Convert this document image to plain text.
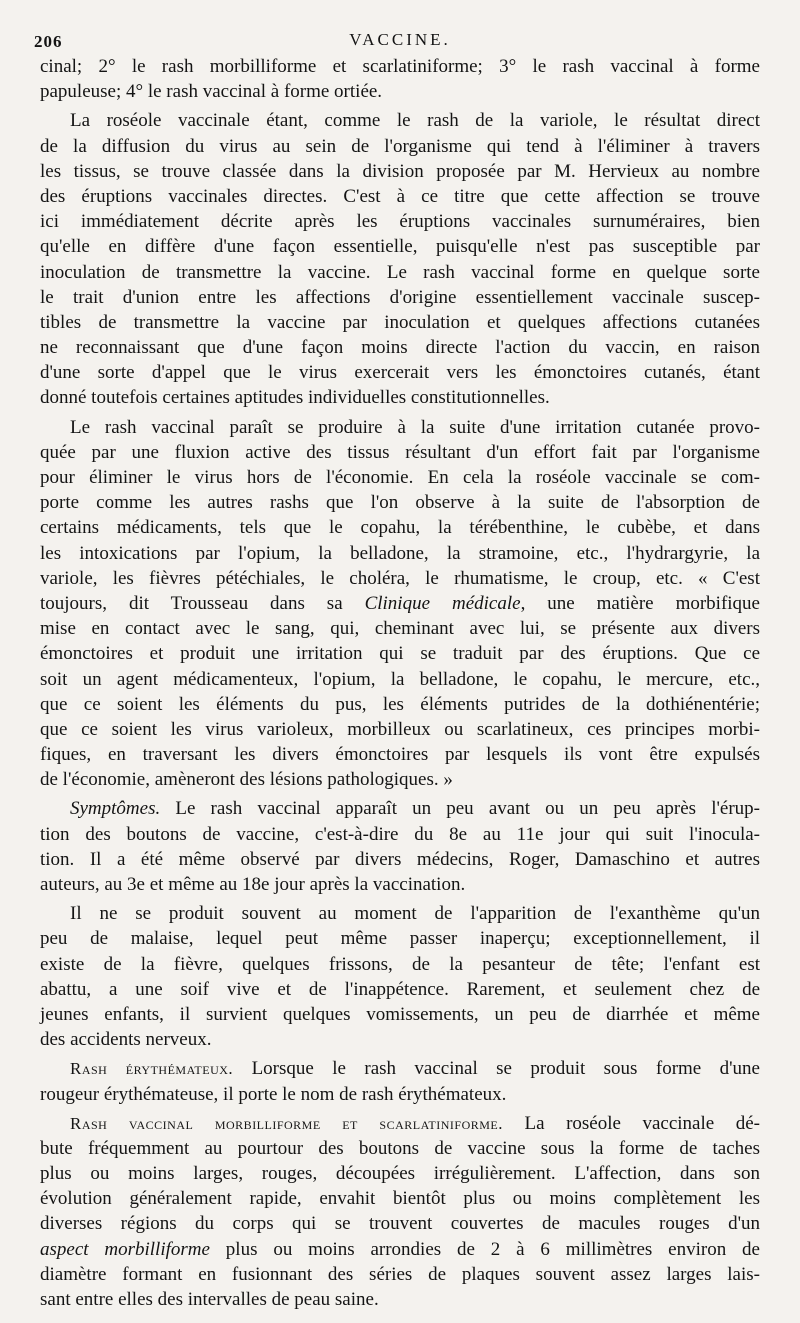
206	VACCINE.
cinal; 2° le rash morbilliforme et scarlatiniforme; 3° le rash vaccinal à forme
papuleuse; 4° le rash vaccinal à forme ortiée.
La roséole vaccinale étant, comme le rash de la variole, le résultat direct
de la diffusion du virus au sein de l'organisme qui tend à l'éliminer à travers
les tissus, se trouve classée dans la division proposée par M. Hervieux au nombre
des éruptions vaccinales directes. C'est à ce titre que cette affection se trouve
ici immédiatement décrite après les éruptions vaccinales surnuméraires, bien
qu'elle en diffère d'une façon essentielle, puisqu'elle n'est pas susceptible par
inoculation de transmettre la vaccine. Le rash vaccinal forme en quelque sorte
le trait d'union entre les affections d'origine essentiellement vaccinale suscep-
tibles de transmettre la vaccine par inoculation et quelques affections cutanées
ne reconnaissant que d'une façon moins directe l'action du vaccin, en raison
d'une sorte d'appel que le virus exercerait vers les émonctoires cutanés, étant
donné toutefois certaines aptitudes individuelles constitutionnelles.
Le rash vaccinal paraît se produire à la suite d'une irritation cutanée provo-
quée par une fluxion active des tissus résultant d'un effort fait par l'organisme
pour éliminer le virus hors de l'économie. En cela la roséole vaccinale se com-
porte comme les autres rashs que l'on observe à la suite de l'absorption de
certains médicaments, tels que le copahu, la térébenthine, le cubèbe, et dans
les intoxications par l'opium, la belladone, la stramoine, etc., l'hydrargyrie, la
variole, les fièvres pétéchiales, le choléra, le rhumatisme, le croup, etc. « C'est
toujours, dit Trousseau dans sa Clinique médicale, une matière morbifique
mise en contact avec le sang, qui, cheminant avec lui, se présente aux divers
émonctoires et produit une irritation qui se traduit par des éruptions. Que ce
soit un agent médicamenteux, l'opium, la belladone, le copahu, le mercure, etc.,
que ce soient les éléments du pus, les éléments putrides de la dothiénentérie;
que ce soient les virus varioleux, morbilleux ou scarlatineux, ces principes morbi-
fiques, en traversant les divers émonctoires par lesquels ils vont être expulsés
de l'économie, amèneront des lésions pathologiques. »
Symptômes. Le rash vaccinal apparaît un peu avant ou un peu après l'érup-
tion des boutons de vaccine, c'est-à-dire du 8e au 11e jour qui suit l'inocula-
tion. Il a été même observé par divers médecins, Roger, Damaschino et autres
auteurs, au 3e et même au 18e jour après la vaccination.
Il ne se produit souvent au moment de l'apparition de l'exanthème qu'un
peu de malaise, lequel peut même passer inaperçu; exceptionnellement, il
existe de la fièvre, quelques frissons, de la pesanteur de tête; l'enfant est
abattu, a une soif vive et de l'inappétence. Rarement, et seulement chez de
jeunes enfants, il survient quelques vomissements, un peu de diarrhée et même
des accidents nerveux.
Rash érythémateux. Lorsque le rash vaccinal se produit sous forme d'une
rougeur érythémateuse, il porte le nom de rash érythémateux.
Rash vaccinal morbilliforme et scarlatiniforme. La roséole vaccinale dé-
bute fréquemment au pourtour des boutons de vaccine sous la forme de taches
plus ou moins larges, rouges, découpées irrégulièrement. L'affection, dans son
évolution généralement rapide, envahit bientôt plus ou moins complètement les
diverses régions du corps qui se trouvent couvertes de macules rouges d'un
aspect morbilliforme plus ou moins arrondies de 2 à 6 millimètres environ de
diamètre formant en fusionnant des séries de plaques souvent assez larges lais-
sant entre elles des intervalles de peau saine.
